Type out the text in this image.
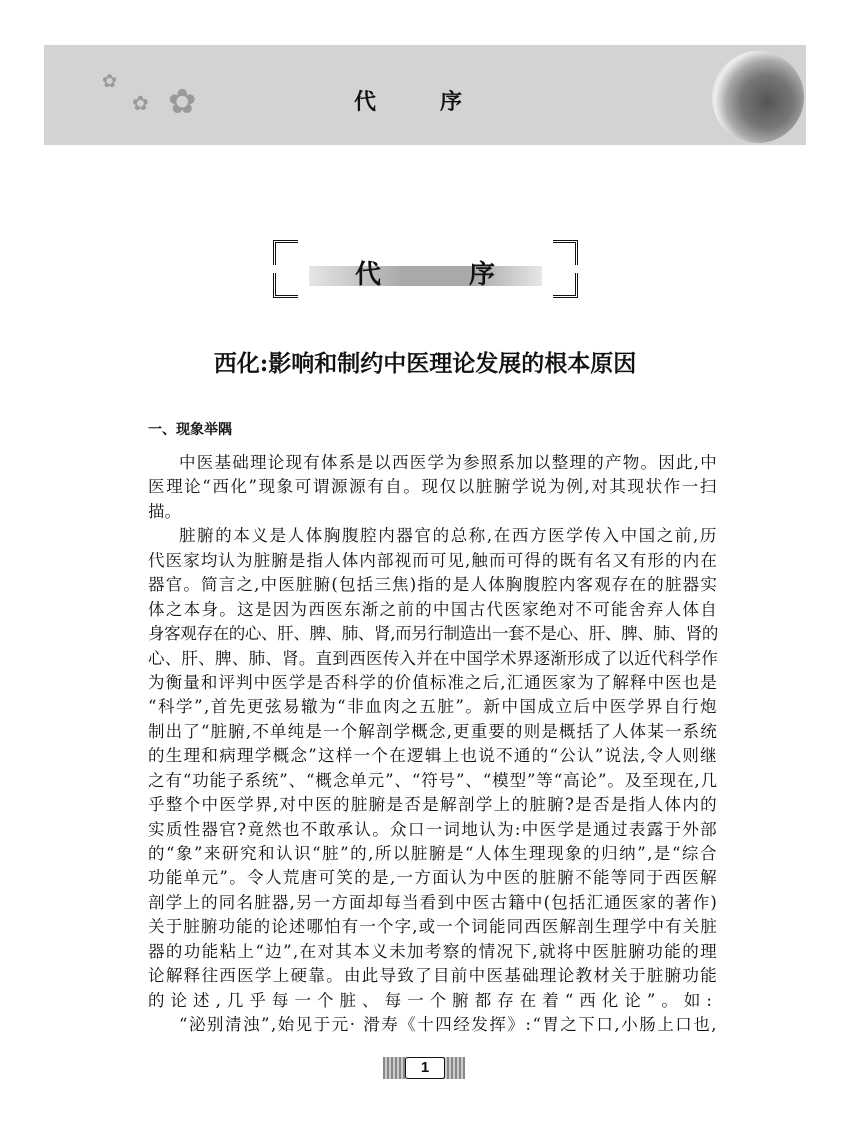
✿
✿ ✿	代	序
代	序
西化:影响和制约中医理论发展的根本原因
一、现象举隅
中医基础理论现有体系是以西医学为参照系加以整理的产物。因此,中
医理论“西化”现象可谓源源有自。现仅以脏腑学说为例,对其现状作一扫
描。
脏腑的本义是人体胸腹腔内器官的总称,在西方医学传入中国之前,历
代医家均认为脏腑是指人体内部视而可见,触而可得的既有名又有形的内在
器官。简言之,中医脏腑(包括三焦)指的是人体胸腹腔内客观存在的脏器实
体之本身。这是因为西医东渐之前的中国古代医家绝对不可能舍弃人体自
身客观存在的心、肝、脾、肺、肾,而另行制造出一套不是心、肝、脾、肺、肾的
心、肝、脾、肺、肾。直到西医传入并在中国学术界逐渐形成了以近代科学作
为衡量和评判中医学是否科学的价值标准之后,汇通医家为了解释中医也是
“科学”,首先更弦易辙为“非血肉之五脏”。新中国成立后中医学界自行炮
制出了“脏腑,不单纯是一个解剖学概念,更重要的则是概括了人体某一系统
的生理和病理学概念”这样一个在逻辑上也说不通的“公认”说法,令人则继
之有“功能子系统”、“概念单元”、“符号”、“模型”等“高论”。及至现在,几
乎整个中医学界,对中医的脏腑是否是解剖学上的脏腑?是否是指人体内的
实质性器官?竟然也不敢承认。众口一词地认为:中医学是通过表露于外部
的“象”来研究和认识“脏”的,所以脏腑是“人体生理现象的归纳”,是“综合
功能单元”。令人荒唐可笑的是,一方面认为中医的脏腑不能等同于西医解
剖学上的同名脏器,另一方面却每当看到中医古籍中(包括汇通医家的著作)
关于脏腑功能的论述哪怕有一个字,或一个词能同西医解剖生理学中有关脏
器的功能粘上“边”,在对其本义未加考察的情况下,就将中医脏腑功能的理
论解释往西医学上硬靠。由此导致了目前中医基础理论教材关于脏腑功能
的论述,几乎每一个脏、每一个腑都存在着“西化论”。如:
“泌别清浊”,始见于元· 滑寿《十四经发挥》:“胃之下口,小肠上口也,
1
